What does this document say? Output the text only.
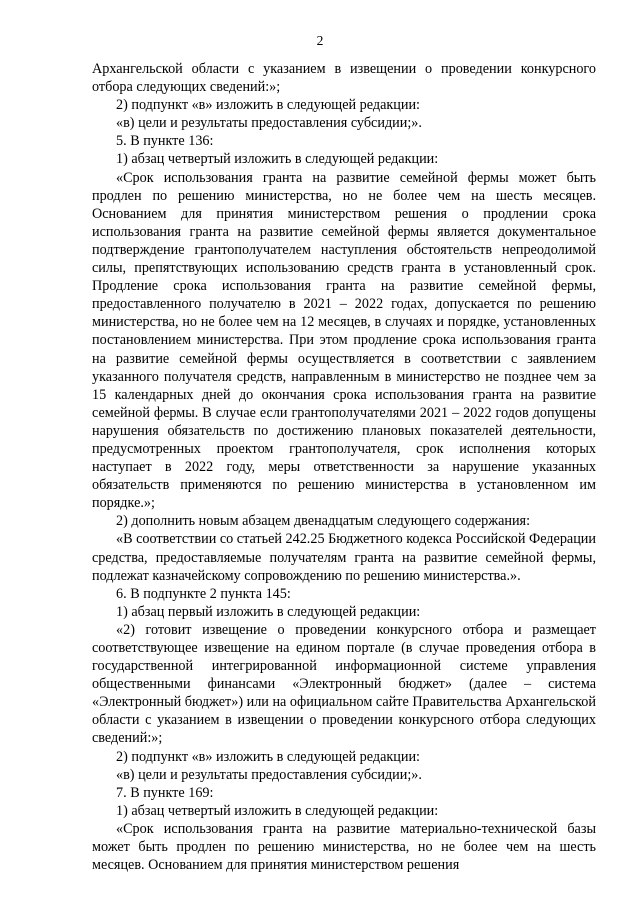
2

Архангельской области с указанием в извещении о проведении конкурсного отбора следующих сведений:»;

2) подпункт «в» изложить в следующей редакции:

«в) цели и результаты предоставления субсидии;».

5. В пункте 136:

1) абзац четвертый изложить в следующей редакции:

«Срок использования гранта на развитие семейной фермы может быть продлен по решению министерства, но не более чем на шесть месяцев. Основанием для принятия министерством решения о продлении срока использования гранта на развитие семейной фермы является документальное подтверждение грантополучателем наступления обстоятельств непреодолимой силы, препятствующих использованию средств гранта в установленный срок. Продление срока использования гранта на развитие семейной фермы, предоставленного получателю в 2021 – 2022 годах, допускается по решению министерства, но не более чем на 12 месяцев, в случаях и порядке, установленных постановлением министерства. При этом продление срока использования гранта на развитие семейной фермы осуществляется в соответствии с заявлением указанного получателя средств, направленным в министерство не позднее чем за 15 календарных дней до окончания срока использования гранта на развитие семейной фермы. В случае если грантополучателями 2021 – 2022 годов допущены нарушения обязательств по достижению плановых показателей деятельности, предусмотренных проектом грантополучателя, срок исполнения которых наступает в 2022 году, меры ответственности за нарушение указанных обязательств применяются по решению министерства в установленном им порядке.»;

2) дополнить новым абзацем двенадцатым следующего содержания:

«В соответствии со статьей 242.25 Бюджетного кодекса Российской Федерации средства, предоставляемые получателям гранта на развитие семейной фермы, подлежат казначейскому сопровождению по решению министерства.».

6. В подпункте 2 пункта 145:

1) абзац первый изложить в следующей редакции:

«2) готовит извещение о проведении конкурсного отбора и размещает соответствующее извещение на едином портале (в случае проведения отбора в государственной интегрированной информационной системе управления общественными финансами «Электронный бюджет» (далее – система «Электронный бюджет») или на официальном сайте Правительства Архангельской области с указанием в извещении о проведении конкурсного отбора следующих сведений:»;

2) подпункт «в» изложить в следующей редакции:

«в) цели и результаты предоставления субсидии;».

7. В пункте 169:

1) абзац четвертый изложить в следующей редакции:

«Срок использования гранта на развитие материально-технической базы может быть продлен по решению министерства, но не более чем на шесть месяцев. Основанием для принятия министерством решения
